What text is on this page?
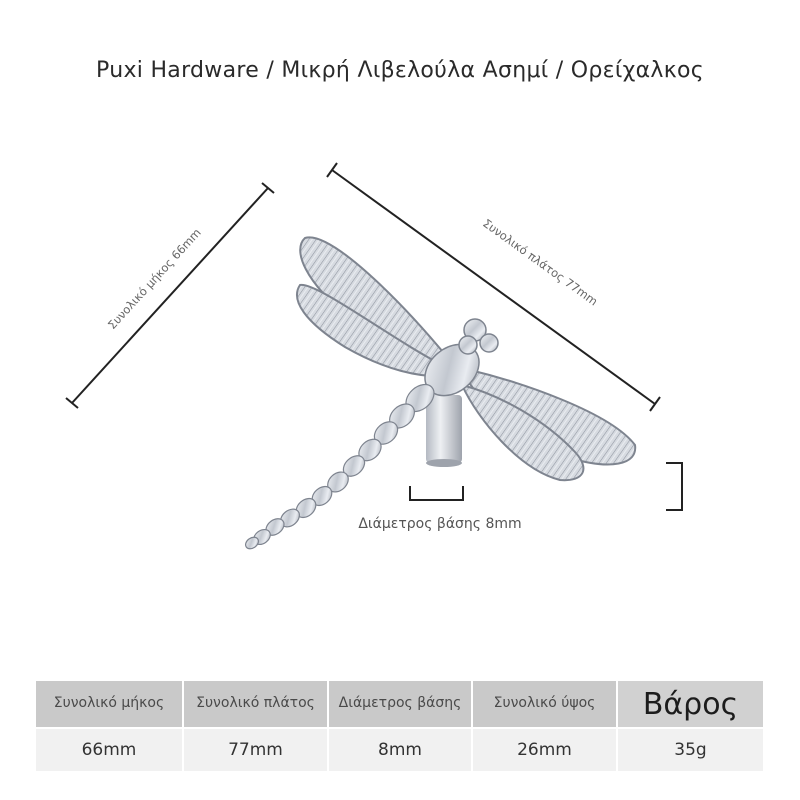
Puxi Hardware / Μικρή Λιβελούλα Ασημί / Ορείχαλκος
Συνολικό μήκος 66mm	Συνολικό πλάτος 77mm
Διάμετρος βάσης 8mm
Συνολικό μήκος	Συνολικό πλάτος	Διάμετρος βάσης	Συνολικό ύψος	Βάρος
66mm	77mm	8mm	26mm	35g
